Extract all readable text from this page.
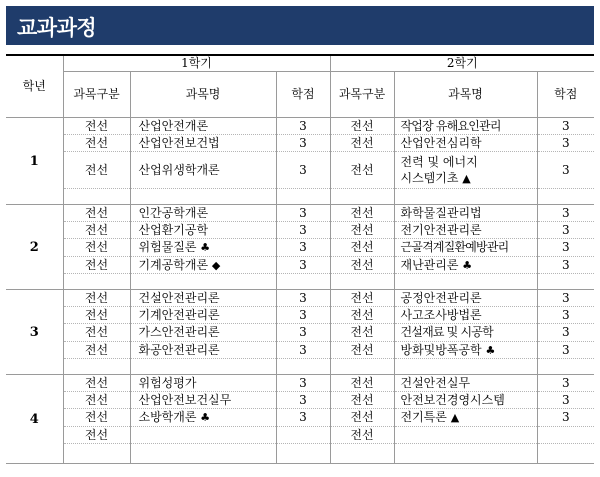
교과과정
학년	1학기			2학기		
	과목구분	과목명	학점	과목구분	과목명	학점
1	전선	산업안전개론	3	전선	작업장 유해요인관리	3
	전선	산업안전보건법	3	전선	산업안전심리학	3
	전선	산업위생학개론	3	전선	전력 및 에너지
시스템기초 ▲	3

2	전선	인간공학개론	3	전선	화학물질관리법	3
	전선	산업환기공학	3	전선	전기안전관리론	3
	전선	위험물질론 ♣	3	전선	근골격계질환예방관리	3
	전선	기계공학개론 ◆	3	전선	재난관리론 ♣	3

3	전선	건설안전관리론	3	전선	공정안전관리론	3
	전선	기계안전관리론	3	전선	사고조사방법론	3
	전선	가스안전관리론	3	전선	건설재료 및 시공학	3
	전선	화공안전관리론	3	전선	방화및방폭공학 ♣	3

4	전선	위험성평가	3	전선	건설안전실무	3
	전선	산업안전보건실무	3	전선	안전보건경영시스템	3
	전선	소방학개론 ♣	3	전선	전기특론 ▲	3
	전선			전선		
